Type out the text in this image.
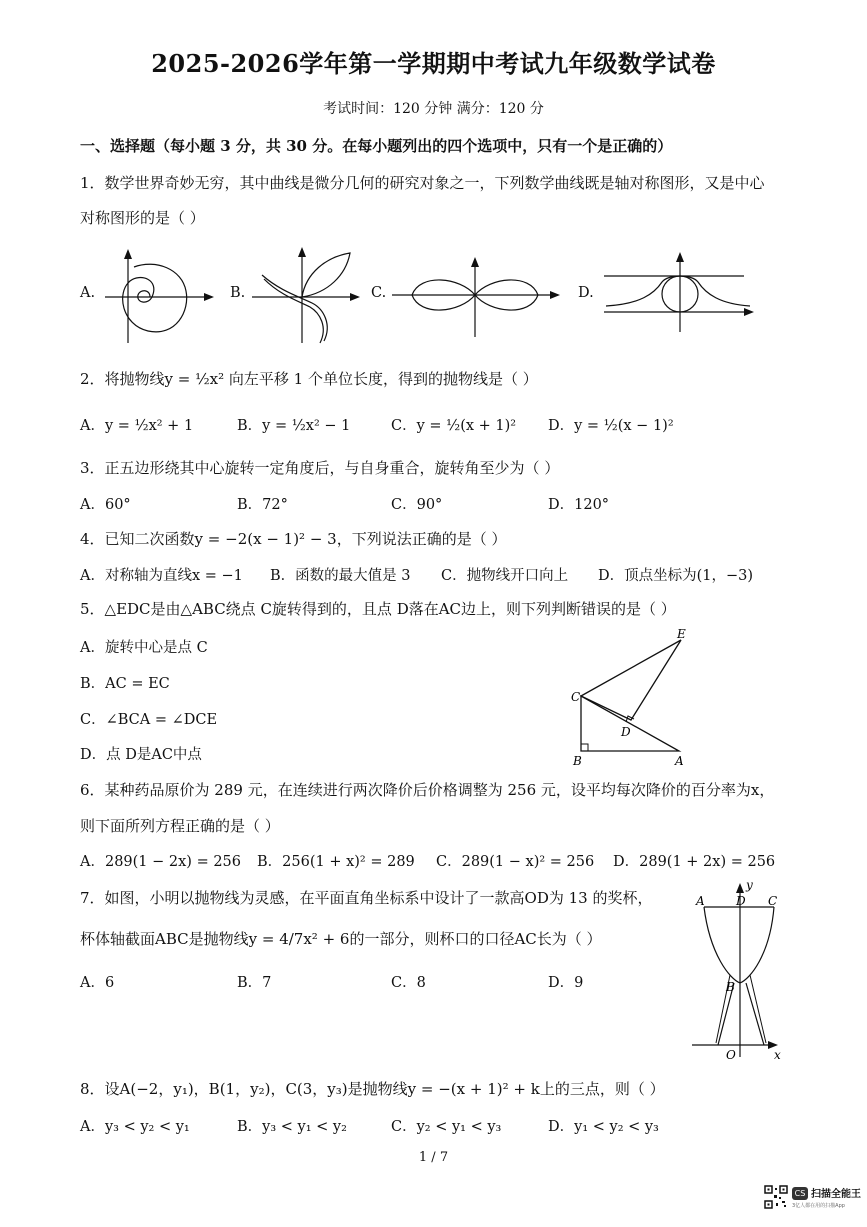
2025-2026学年第一学期期中考试九年级数学试卷
考试时间：120 分钟 满分：120 分
一、选择题（每小题 3 分，共 30 分。在每小题列出的四个选项中，只有一个是正确的）
1．数学世界奇妙无穷，其中曲线是微分几何的研究对象之一，下列数学曲线既是轴对称图形，又是中心
对称图形的是（ ）
A.	B.	C.	D.
2．将抛物线y = ½x² 向左平移 1 个单位长度，得到的抛物线是（ ）
A．y = ½x² + 1	B．y = ½x² − 1	C．y = ½(x + 1)² D．y = ½(x − 1)²
3．正五边形绕其中心旋转一定角度后，与自身重合，旋转角至少为（ ）
A．60°	B．72°	C．90°	D．120°
4．已知二次函数y = −2(x − 1)² − 3，下列说法正确的是（ ）
A．对称轴为直线x = −1 B．函数的最大值是 3 C．抛物线开口向上 D．顶点坐标为(1，−3)
5．△EDC是由△ABC绕点 C旋转得到的，且点 D落在AC边上，则下列判断错误的是（ ）
A．旋转中心是点 C
B．AC = EC
C．∠BCA = ∠DCE
D．点 D是AC中点
E
C
D
B	A
6．某种药品原价为 289 元，在连续进行两次降价后价格调整为 256 元，设平均每次降价的百分率为x，
则下面所列方程正确的是（ ）
A．289(1 − 2x) = 256 B．256(1 + x)² = 289 C．289(1 − x)² = 256 D．289(1 + 2x) = 256
7．如图，小明以抛物线为灵感，在平面直角坐标系中设计了一款高OD为 13 的奖杯，
杯体轴截面ABC是抛物线y = 4/7x² + 6的一部分，则杯口的口径AC长为（ ）
A．6	B．7	C．8	D．9
y
A	D C
B
O	x
8．设A(−2，y₁)，B(1，y₂)，C(3，y₃)是抛物线y = −(x + 1)² + k上的三点，则（ ）
A．y₃ < y₂ < y₁	B．y₃ < y₁ < y₂	C．y₂ < y₁ < y₃	D．y₁ < y₂ < y₃
1 / 7
CS 扫描全能王
3亿人都在用的扫描App
